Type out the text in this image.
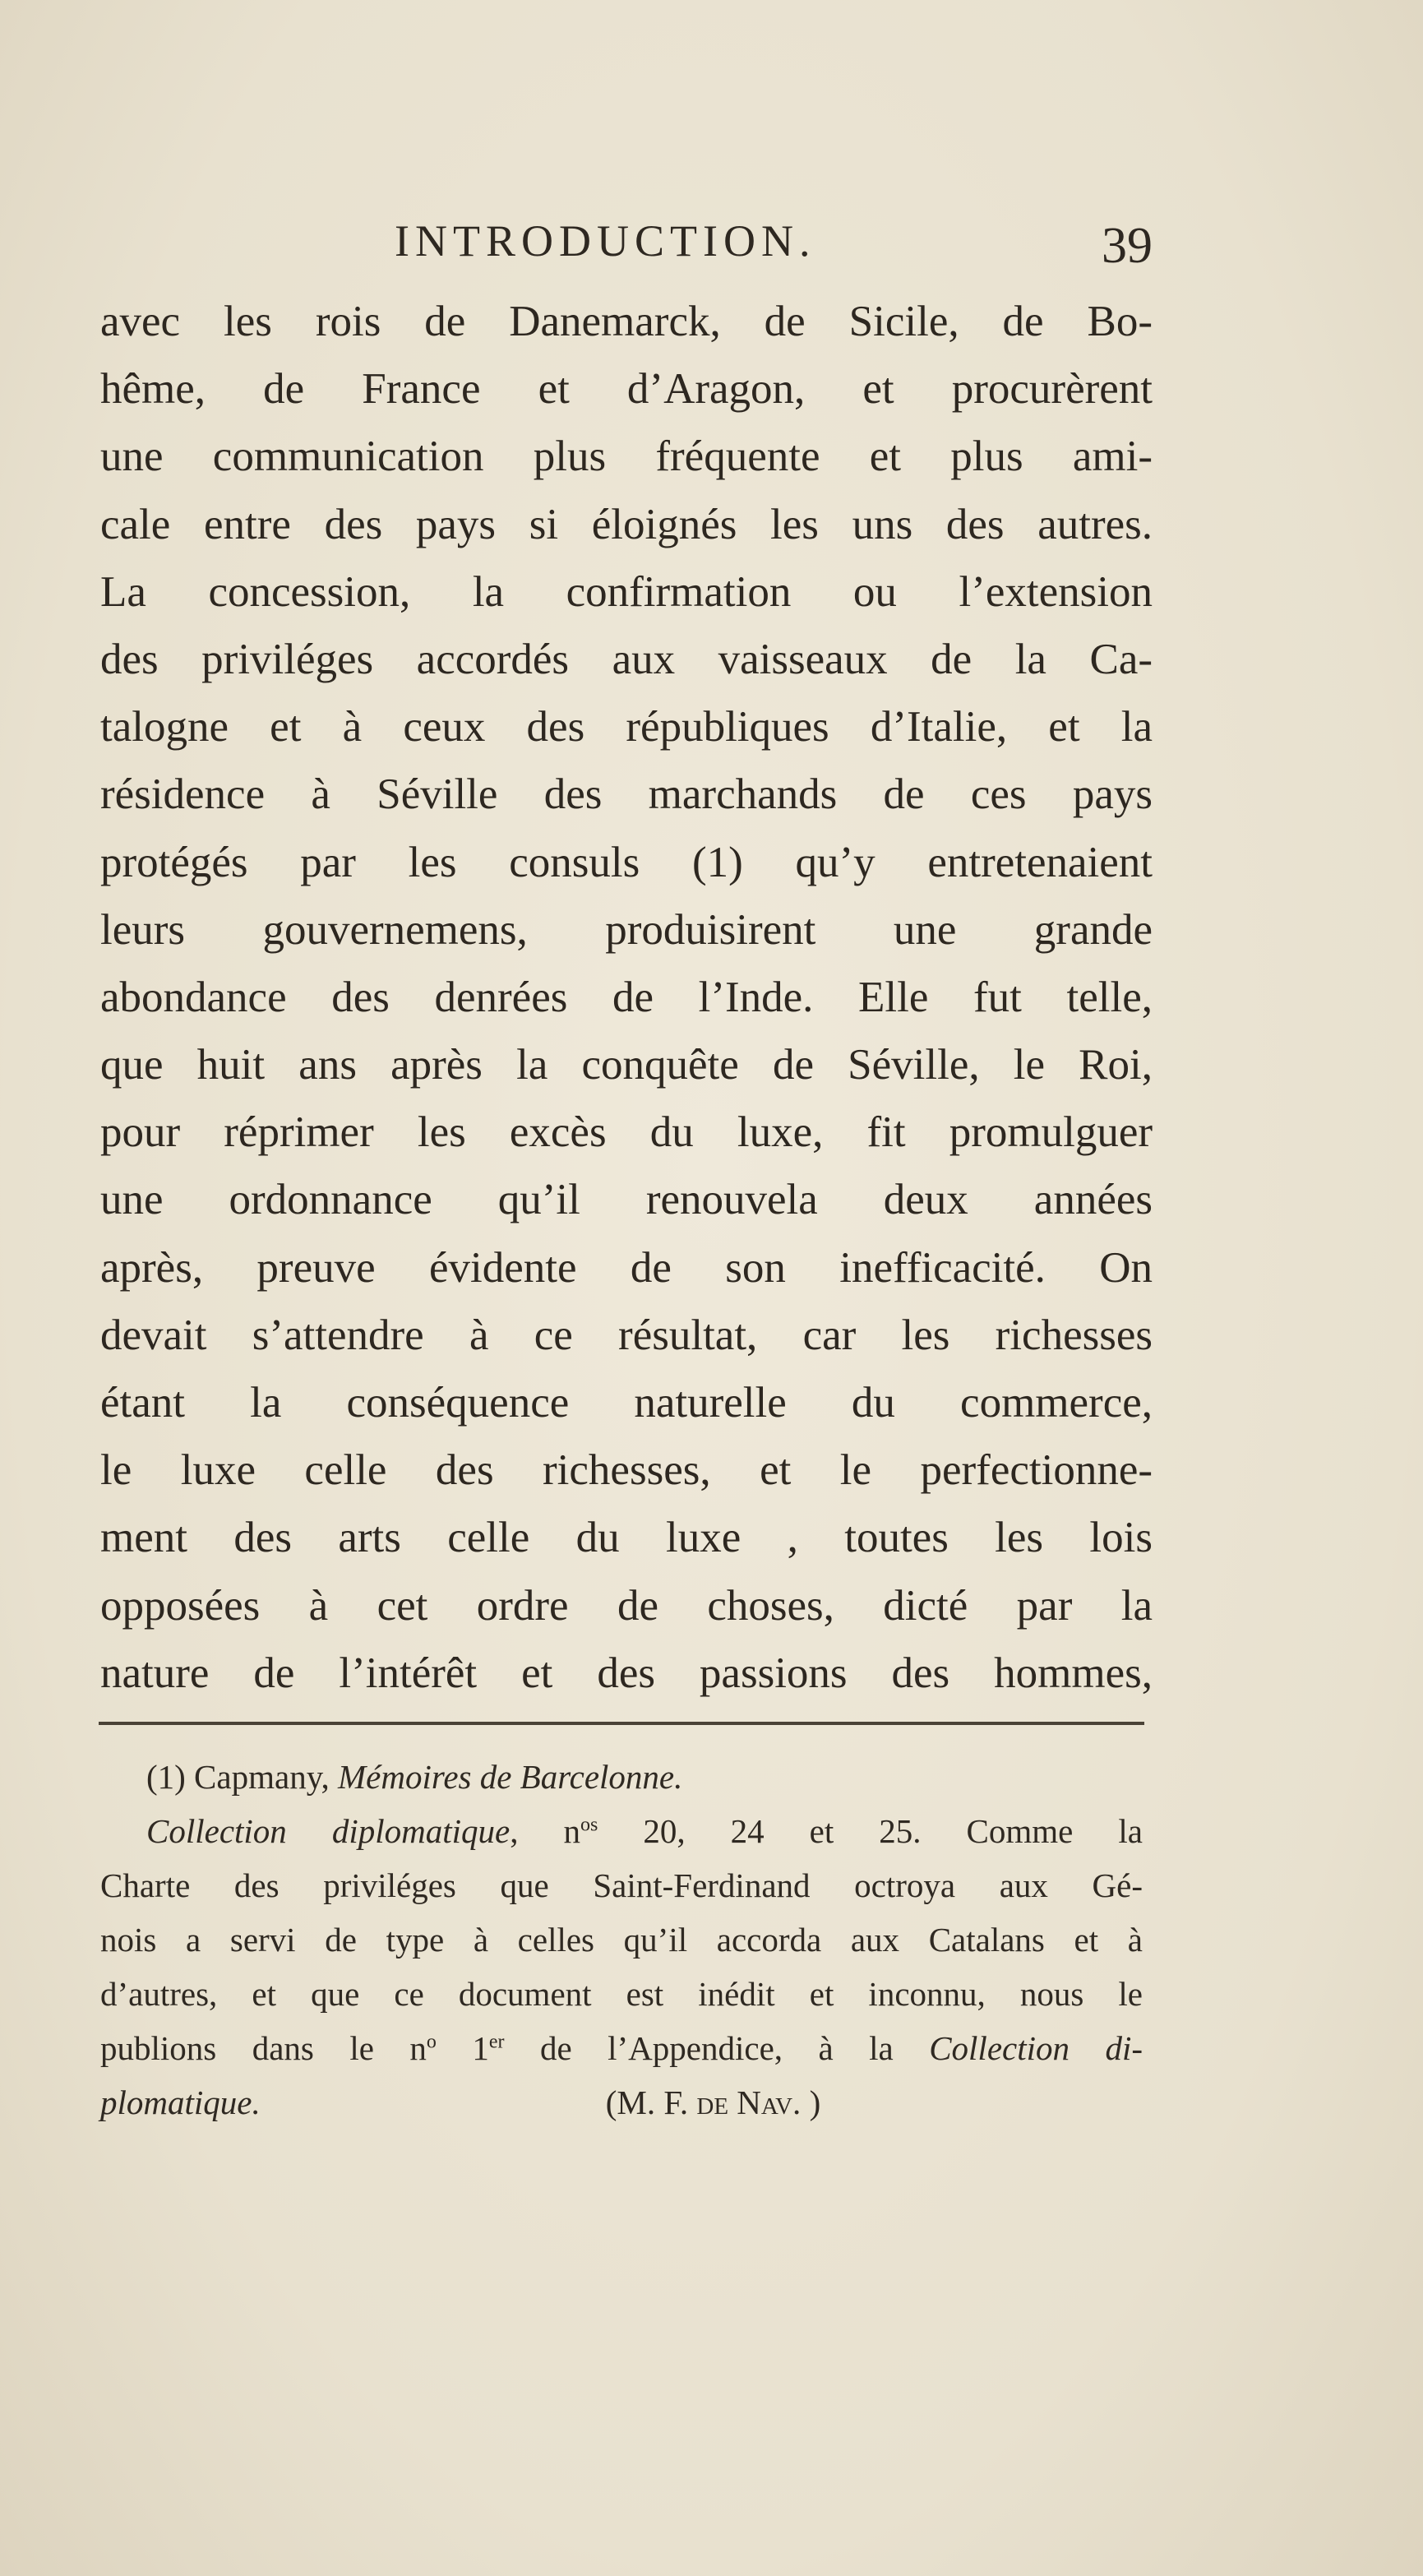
INTRODUCTION.	39
avec les rois de Danemarck, de Sicile, de Bo-
hême, de France et d’Aragon, et procurèrent
une communication plus fréquente et plus ami-
cale entre des pays si éloignés les uns des autres.
La concession, la confirmation ou l’extension
des priviléges accordés aux vaisseaux de la Ca-
talogne et à ceux des républiques d’Italie, et la
résidence à Séville des marchands de ces pays
protégés par les consuls (1) qu’y entretenaient
leurs gouvernemens, produisirent une grande
abondance des denrées de l’Inde. Elle fut telle,
que huit ans après la conquête de Séville, le Roi,
pour réprimer les excès du luxe, fit promulguer
une ordonnance qu’il renouvela deux années
après, preuve évidente de son inefficacité. On
devait s’attendre à ce résultat, car les richesses
étant la conséquence naturelle du commerce,
le luxe celle des richesses, et le perfectionne-
ment des arts celle du luxe , toutes les lois
opposées à cet ordre de choses, dicté par la
nature de l’intérêt et des passions des hommes,
(1) Capmany, Mémoires de Barcelonne.
Collection diplomatique, $n^{os}$ 20, 24 et 25. Comme la
Charte des priviléges que Saint-Ferdinand octroya aux Gé-
nois a servi de type à celles qu’il accorda aux Catalans et à
d’autres, et que ce document est inédit et inconnu, nous le
publions dans le $n^o$ 1er de l’Appendice, à la Collection di-
plomatique.	(M. F. de Nav. )
